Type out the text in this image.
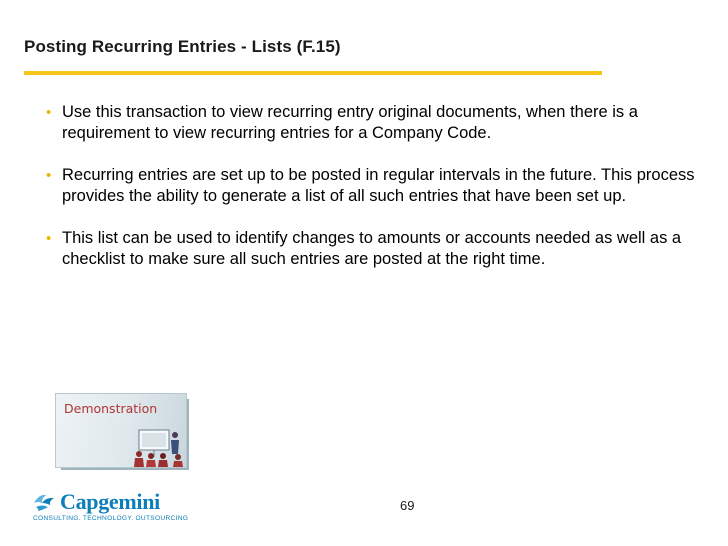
Posting Recurring Entries - Lists (F.15)
• Use this transaction to view recurring entry original documents, when there is a requirement to view recurring entries for a Company Code.
• Recurring entries are set up to be posted in regular intervals in the future. This process provides the ability to generate a list of all such entries that have been set up.
• This list can be used to identify changes to amounts or accounts needed as well as a checklist to make sure all such entries are posted at the right time.
Demonstration
Capgemini
CONSULTING. TECHNOLOGY. OUTSOURCING
69
